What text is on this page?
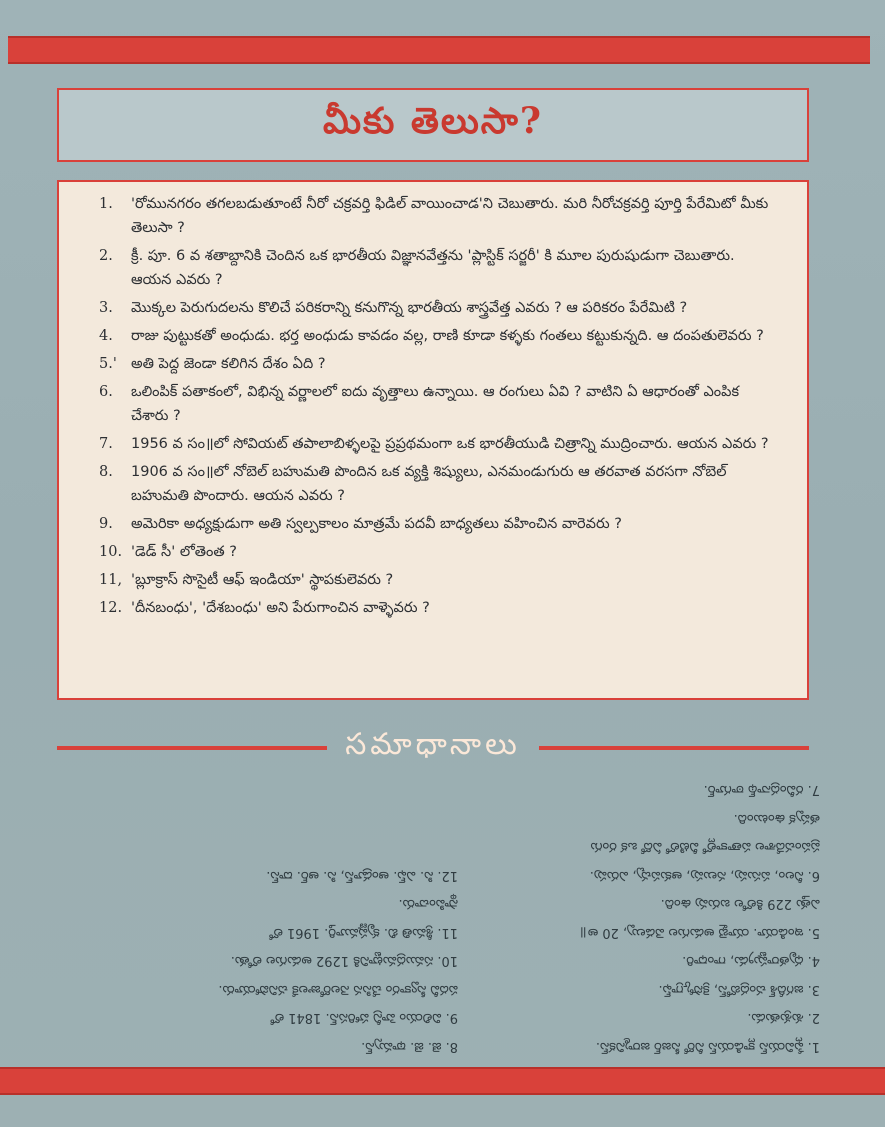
మీకు తెలుసా?
1.	'రోమునగరం తగలబడుతూంటే నీరో చక్రవర్తి ఫిడిల్ వాయించాడ'ని చెబుతారు. మరి నీరోచక్రవర్తి పూర్తి పేరేమిటో మీకు తెలుసా ?
2.	క్రీ. పూ. 6 వ శతాబ్దానికి చెందిన ఒక భారతీయ విజ్ఞానవేత్తను 'ప్లాస్టిక్ సర్జరీ' కి మూల పురుషుడుగా చెబుతారు. ఆయన ఎవరు ?
3.	మొక్కల పెరుగుదలను కొలిచే పరికరాన్ని కనుగొన్న భారతీయ శాస్త్రవేత్త ఎవరు ? ఆ పరికరం పేరేమిటి ?
4.	రాజు పుట్టుకతో అంధుడు. భర్త అంధుడు కావడం వల్ల, రాణి కూడా కళ్ళకు గంతలు కట్టుకున్నది. ఆ దంపతులెవరు ?
5.' అతి పెద్ద జెండా కలిగిన దేశం ఏది ?
6.	ఒలింపిక్ పతాకంలో, విభిన్న వర్ణాలలో ఐదు వృత్తాలు ఉన్నాయి. ఆ రంగులు ఏవి ? వాటిని ఏ ఆధారంతో ఎంపిక చేశారు ?
7.	1956 వ సం॥లో సోవియట్ తపాలాబిళ్ళలపై ప్రప్రథమంగా ఒక భారతీయుడి చిత్రాన్ని ముద్రించారు. ఆయన ఎవరు ?
8.	1906 వ సం॥లో నోబెల్ బహుమతి పొందిన ఒక వ్యక్తి శిష్యులు, ఎనమండుగురు ఆ తరవాత వరసగా నోబెల్ బహుమతి పొందారు. ఆయన ఎవరు ?
9.	అమెరికా అధ్యక్షుడుగా అతి స్వల్పకాలం మాత్రమే పదవీ బాధ్యతలు వహించిన వారెవరు ?
10. 'డెడ్ సీ' లోతెంత ?
11, 'బ్లూక్రాస్ సొసైటీ ఆఫ్ ఇండియా' స్థాపకులెవరు ?
12. 'దీనబంధు', 'దేశబంధు' అని పేరుగాంచిన వాళ్ళెవరు ?
సమాధానాలు
1. ఫ్లేవియస్ క్లాడియస్ నీరో సీజర్ జర్మానికస్.
2. శుశ్రుతుడు.
3. జగదీశ్ చంద్రబోస్, క్రెస్కోగ్రాఫ్.
4. ధృతరాష్ట్రుడు, గాంధారి.
5. ఇండియా. యాభై అడుగుల వెడల్పు, 20 అ॥
ఎత్తు 229 కిలోల బరువు ఉంది.
6. నీలం, పసుపు, నలుపు, ఆకుపచ్చ, ఎరుపు.
ప్రపంచదేశాల పతాకాల్లో వీటిలో ఏదో ఒక రంగు
తప్పక ఉంటుంది.
7. రవీంద్రనాథ్ ఠాగూర్.
8. జె. జె. థామ్సన్.
9. విలియం హెన్రీ హారిసన్. 1841 లో
పదవీ స్వీకారం చేసిన నెలరోజులకే చనిపోయారు.
10. సముద్రమట్టానికి 1292 అడుగుల లోతు.
11. శ్రీమతి బి. కృష్ణమూర్తి. 1961 లో
స్థాపించారు.
12. సి. ఎఫ్. ఆండ్రూస్, సి. ఆర్. దాస్.
